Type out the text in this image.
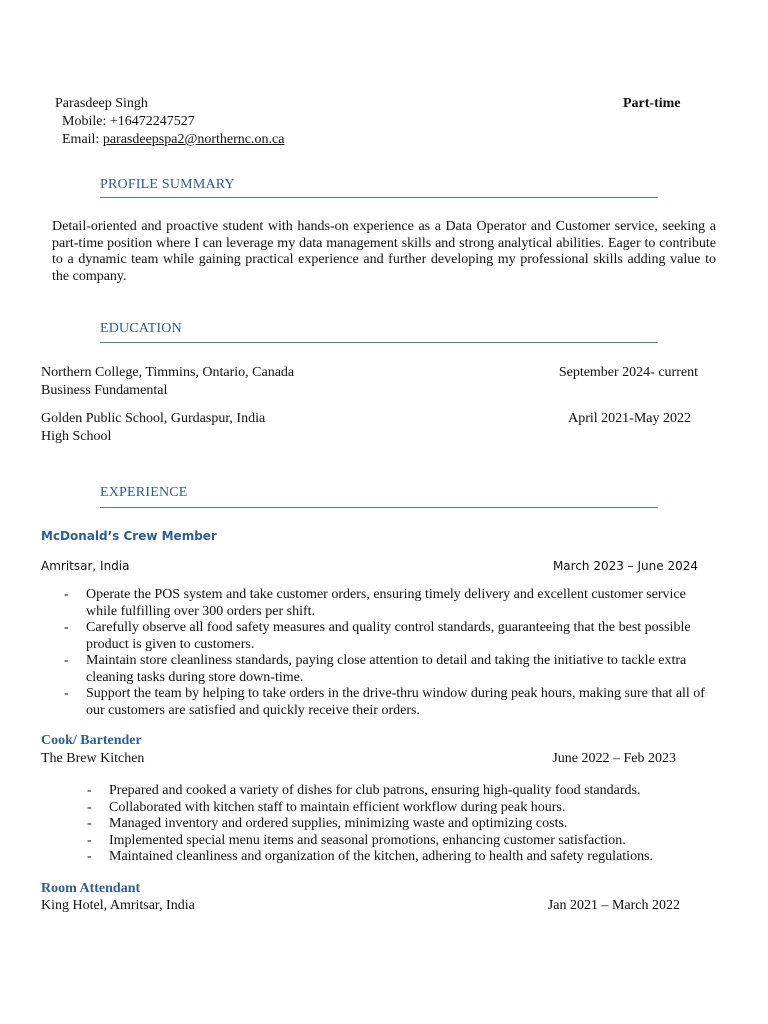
Parasdeep Singh
Mobile: +16472247527
Email: parasdeepspa2@northernc.on.ca
Part-time
PROFILE SUMMARY
Detail-oriented and proactive student with hands-on experience as a Data Operator and Customer service, seeking a part-time position where I can leverage my data management skills and strong analytical abilities. Eager to contribute to a dynamic team while gaining practical experience and further developing my professional skills adding value to the company.
EDUCATION
Northern College, Timmins, Ontario, Canada
Business Fundamental
September 2024- current
Golden Public School, Gurdaspur, India
High School
April 2021-May 2022
EXPERIENCE
McDonald’s Crew Member
Amritsar, India	March 2023 – June 2024
- Operate the POS system and take customer orders, ensuring timely delivery and excellent customer service while fulfilling over 300 orders per shift.
- Carefully observe all food safety measures and quality control standards, guaranteeing that the best possible product is given to customers.
- Maintain store cleanliness standards, paying close attention to detail and taking the initiative to tackle extra cleaning tasks during store down-time.
- Support the team by helping to take orders in the drive-thru window during peak hours, making sure that all of our customers are satisfied and quickly receive their orders.
Cook/ Bartender
The Brew Kitchen	June 2022 – Feb 2023
- Prepared and cooked a variety of dishes for club patrons, ensuring high-quality food standards.
- Collaborated with kitchen staff to maintain efficient workflow during peak hours.
- Managed inventory and ordered supplies, minimizing waste and optimizing costs.
- Implemented special menu items and seasonal promotions, enhancing customer satisfaction.
- Maintained cleanliness and organization of the kitchen, adhering to health and safety regulations.
Room Attendant
King Hotel, Amritsar, India	Jan 2021 – March 2022
